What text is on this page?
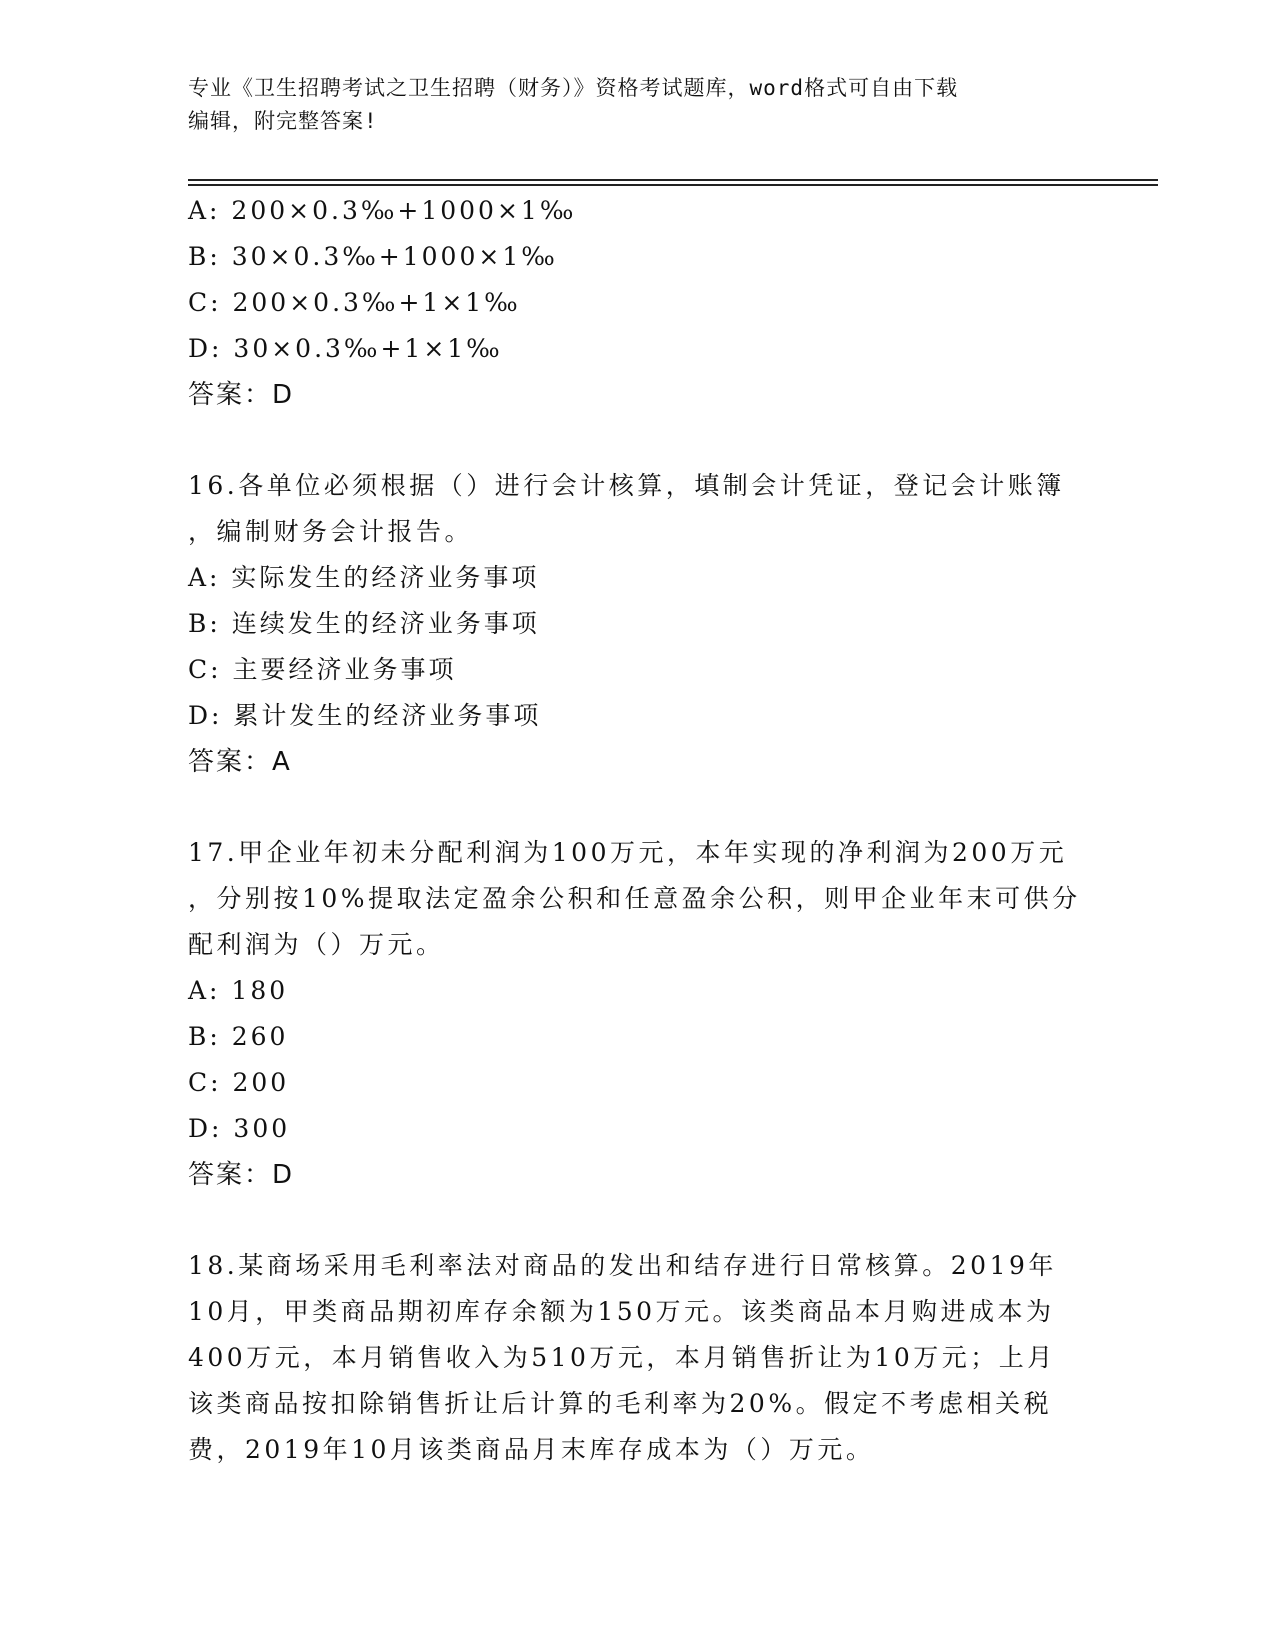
专业《卫生招聘考试之卫生招聘（财务）》资格考试题库，word格式可自由下载
编辑，附完整答案!
A: 200×0.3‰+1000×1‰
B: 30×0.3‰+1000×1‰
C: 200×0.3‰+1×1‰
D: 30×0.3‰+1×1‰
答案：D
16.各单位必须根据（）进行会计核算，填制会计凭证，登记会计账簿
，编制财务会计报告。
A: 实际发生的经济业务事项
B: 连续发生的经济业务事项
C: 主要经济业务事项
D: 累计发生的经济业务事项
答案：A
17.甲企业年初未分配利润为100万元，本年实现的净利润为200万元
，分别按10%提取法定盈余公积和任意盈余公积，则甲企业年末可供分
配利润为（）万元。
A: 180
B: 260
C: 200
D: 300
答案：D
18.某商场采用毛利率法对商品的发出和结存进行日常核算。2019年
10月，甲类商品期初库存余额为150万元。该类商品本月购进成本为
400万元，本月销售收入为510万元，本月销售折让为10万元；上月
该类商品按扣除销售折让后计算的毛利率为20%。假定不考虑相关税
费，2019年10月该类商品月末库存成本为（）万元。
